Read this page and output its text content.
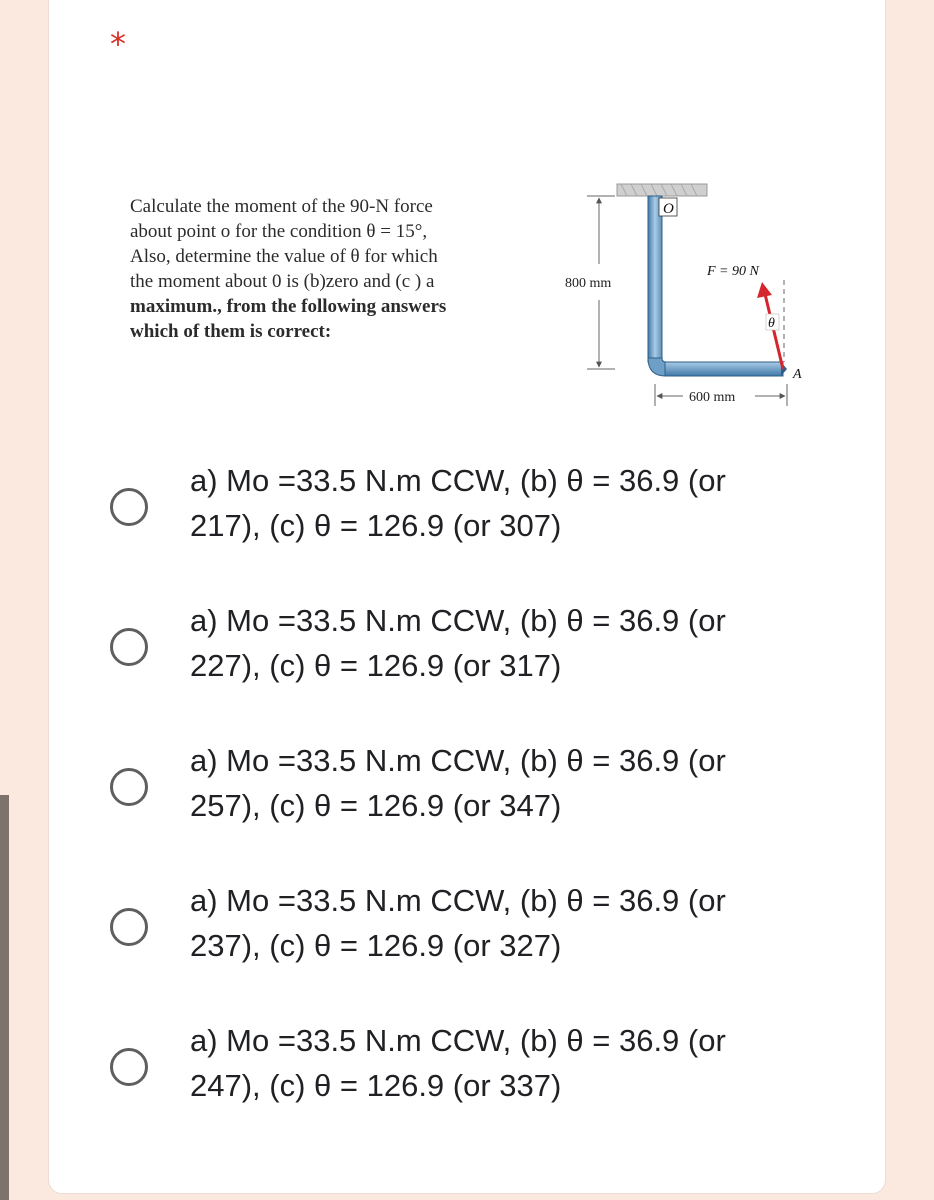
*
Calculate the moment of the 90-N force
about point o for the condition θ = 15°,
Also, determine the value of θ for which
the moment about 0 is (b)zero and (c ) a
maximum., from the following answers
which of them is correct:
O
A
800 mm
600 mm
F = 90 N
θ
a) Mo =33.5 N.m CCW, (b) θ = 36.9 (or
217), (c) θ = 126.9 (or 307)
a) Mo =33.5 N.m CCW, (b) θ = 36.9 (or
227), (c) θ = 126.9 (or 317)
a) Mo =33.5 N.m CCW, (b) θ = 36.9 (or
257), (c) θ = 126.9 (or 347)
a) Mo =33.5 N.m CCW, (b) θ = 36.9 (or
237), (c) θ = 126.9 (or 327)
a) Mo =33.5 N.m CCW, (b) θ = 36.9 (or
247), (c) θ = 126.9 (or 337)
